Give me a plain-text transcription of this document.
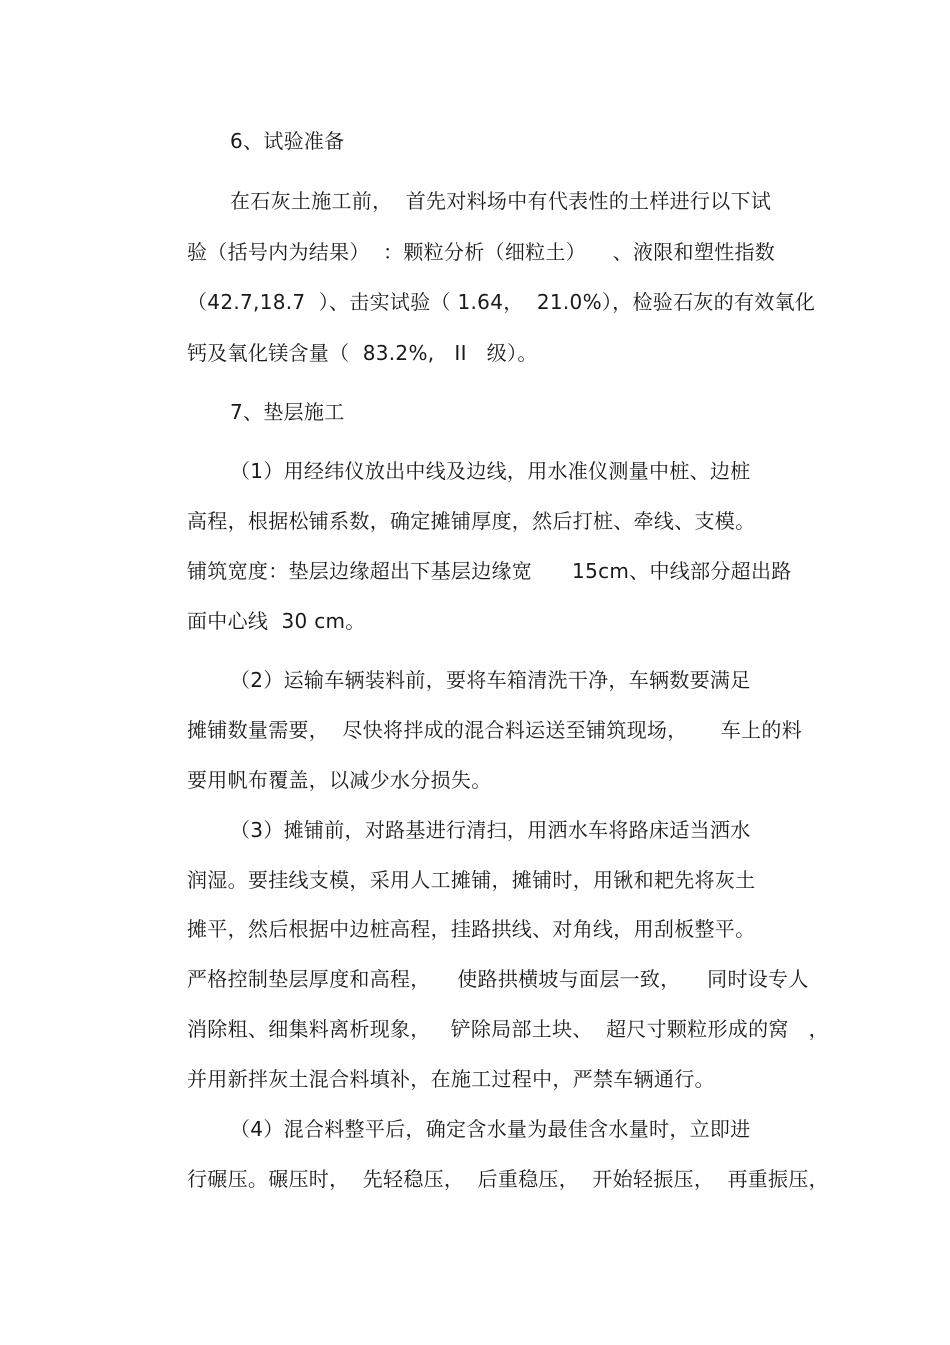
6、试验准备
在石灰土施工前，  首先对料场中有代表性的土样进行以下试
验（括号内为结果）  ：颗粒分析（细粒土）    、液限和塑性指数
（42.7,18.7  ）、击实试验（ 1.64，  21.0%），检验石灰的有效氧化
钙及氧化镁含量（  83.2%,   II   级）。
7、垫层施工
（1）用经纬仪放出中线及边线，用水准仪测量中桩、边桩
高程，根据松铺系数，确定摊铺厚度，然后打桩、牵线、支模。
铺筑宽度：垫层边缘超出下基层边缘宽      15cm、中线部分超出路
面中心线  30 cm。
（2）运输车辆装料前，要将车箱清洗干净，车辆数要满足
摊铺数量需要，  尽快将拌成的混合料运送至铺筑现场，     车上的料
要用帆布覆盖，以减少水分损失。
（3）摊铺前，对路基进行清扫，用洒水车将路床适当洒水
润湿。要挂线支模，采用人工摊铺，摊铺时，用锹和耙先将灰土
摊平，然后根据中边桩高程，挂路拱线、对角线，用刮板整平。
严格控制垫层厚度和高程，    使路拱横坡与面层一致，    同时设专人
消除粗、细集料离析现象，   铲除局部土块、  超尺寸颗粒形成的窝   ，
并用新拌灰土混合料填补，在施工过程中，严禁车辆通行。
（4）混合料整平后，确定含水量为最佳含水量时，立即进
行碾压。碾压时，  先轻稳压，  后重稳压，  开始轻振压，  再重振压，
